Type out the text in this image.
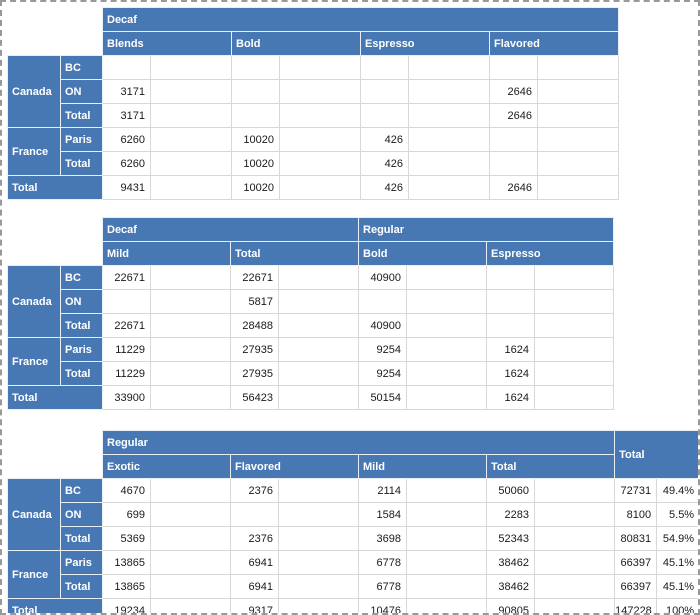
		Decaf							
		Blends		Bold		Espresso		Flavored	
Canada	BC								
	ON	3171						2646	
	Total	3171						2646	
France	Paris	6260		10020		426			
	Total	6260		10020		426			
Total		9431		10020		426		2646	
		Decaf				Regular			
		Mild		Total		Bold		Espresso	
Canada	BC	22671		22671		40900			
	ON			5817					
	Total	22671		28488		40900			
France	Paris	11229		27935		9254		1624	
	Total	11229		27935		9254		1624	
Total		33900		56423		50154		1624	
		Regular								Total	
		Exotic		Flavored		Mild		Total			
Canada	BC	4670		2376		2114		50060		72731	49.4%
	ON	699				1584		2283		8100	5.5%
	Total	5369		2376		3698		52343		80831	54.9%
France	Paris	13865		6941		6778		38462		66397	45.1%
	Total	13865		6941		6778		38462		66397	45.1%
Total		19234		9317		10476		90805		147228	100%
